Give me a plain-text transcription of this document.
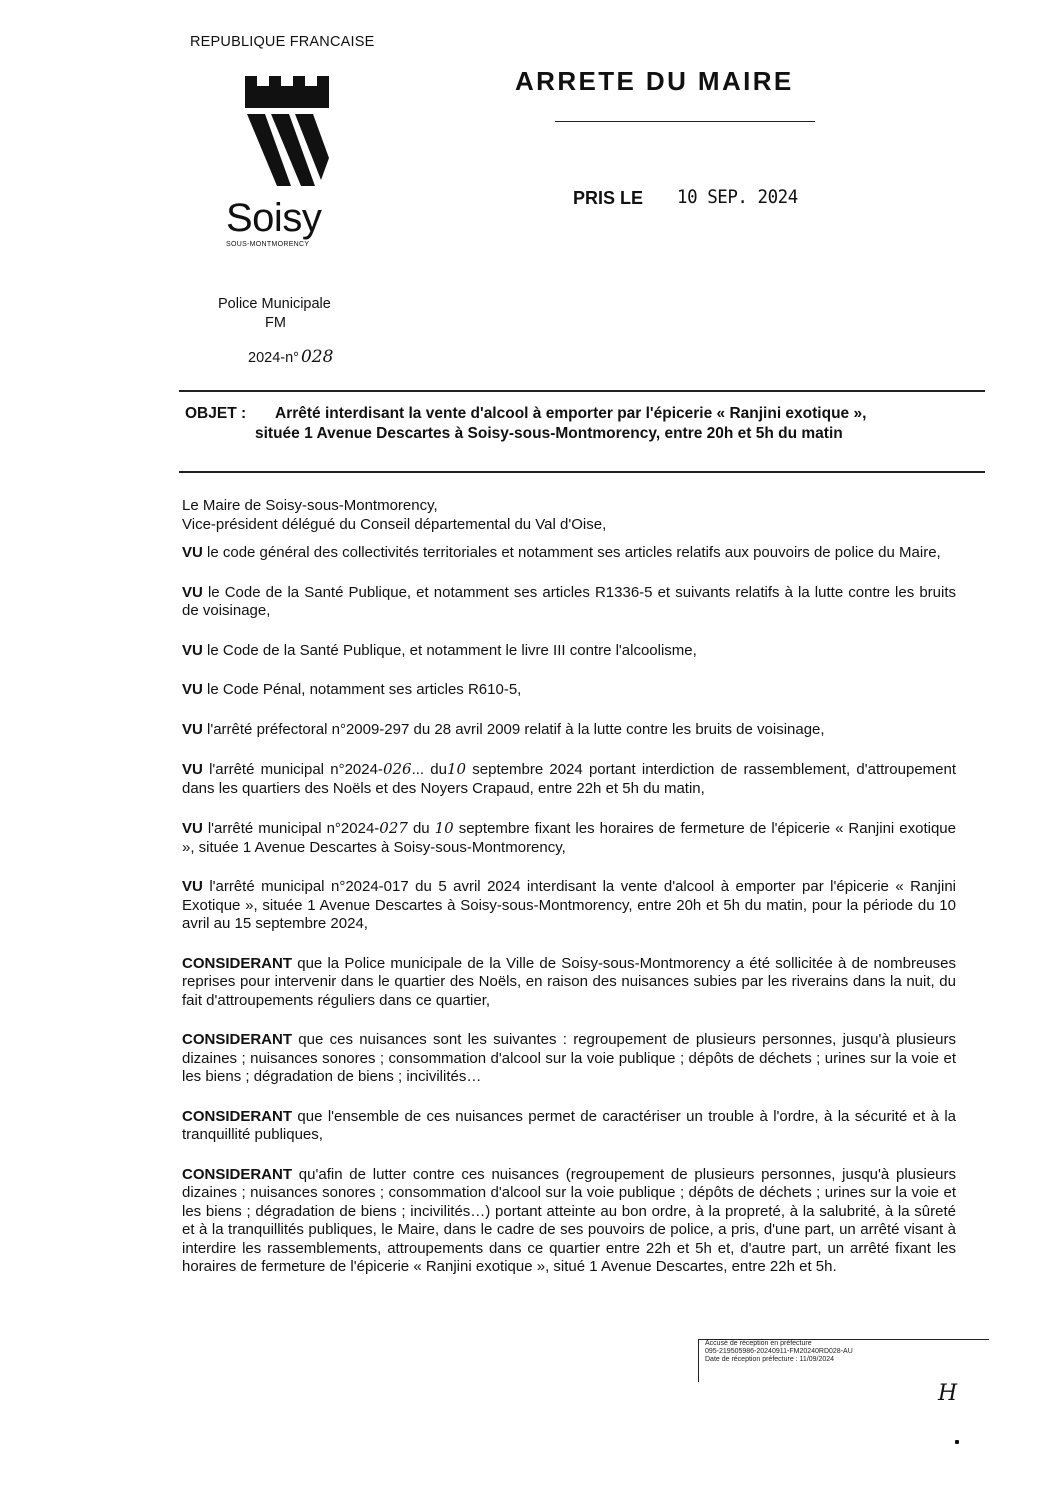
REPUBLIQUE FRANCAISE
Soisy
SOUS-MONTMORENCY
Police Municipale
FM
2024-n° 028
ARRETE DU MAIRE
PRIS LE 10 SEP. 2024
OBJET : Arrêté interdisant la vente d'alcool à emporter par l'épicerie « Ranjini exotique »,
située 1 Avenue Descartes à Soisy-sous-Montmorency, entre 20h et 5h du matin

Le Maire de Soisy-sous-Montmorency,
Vice-président délégué du Conseil départemental du Val d'Oise,

VU le code général des collectivités territoriales et notamment ses articles relatifs aux pouvoirs de police du Maire,

VU le Code de la Santé Publique, et notamment ses articles R1336-5 et suivants relatifs à la lutte contre les bruits de voisinage,

VU le Code de la Santé Publique, et notamment le livre III contre l'alcoolisme,

VU le Code Pénal, notamment ses articles R610-5,

VU l'arrêté préfectoral n°2009-297 du 28 avril 2009 relatif à la lutte contre les bruits de voisinage,

VU l'arrêté municipal n°2024-026... du10 septembre 2024 portant interdiction de rassemblement, d'attroupement dans les quartiers des Noëls et des Noyers Crapaud, entre 22h et 5h du matin,

VU l'arrêté municipal n°2024-027 du 10 septembre fixant les horaires de fermeture de l'épicerie « Ranjini exotique », située 1 Avenue Descartes à Soisy-sous-Montmorency,

VU l'arrêté municipal n°2024-017 du 5 avril 2024 interdisant la vente d'alcool à emporter par l'épicerie « Ranjini Exotique », située 1 Avenue Descartes à Soisy-sous-Montmorency, entre 20h et 5h du matin, pour la période du 10 avril au 15 septembre 2024,

CONSIDERANT que la Police municipale de la Ville de Soisy-sous-Montmorency a été sollicitée à de nombreuses reprises pour intervenir dans le quartier des Noëls, en raison des nuisances subies par les riverains dans la nuit, du fait d'attroupements réguliers dans ce quartier,

CONSIDERANT que ces nuisances sont les suivantes : regroupement de plusieurs personnes, jusqu'à plusieurs dizaines ; nuisances sonores ; consommation d'alcool sur la voie publique ; dépôts de déchets ; urines sur la voie et les biens ; dégradation de biens ; incivilités…

CONSIDERANT que l'ensemble de ces nuisances permet de caractériser un trouble à l'ordre, à la sécurité et à la tranquillité publiques,

CONSIDERANT qu'afin de lutter contre ces nuisances (regroupement de plusieurs personnes, jusqu'à plusieurs dizaines ; nuisances sonores ; consommation d'alcool sur la voie publique ; dépôts de déchets ; urines sur la voie et les biens ; dégradation de biens ; incivilités…) portant atteinte au bon ordre, à la propreté, à la salubrité, à la sûreté et à la tranquillités publiques, le Maire, dans le cadre de ses pouvoirs de police, a pris, d'une part, un arrêté visant à interdire les rassemblements, attroupements dans ce quartier entre 22h et 5h et, d'autre part, un arrêté fixant les horaires de fermeture de l'épicerie « Ranjini exotique », situé 1 Avenue Descartes, entre 22h et 5h.

Accusé de réception en préfecture
095-219505986-20240911-FM20240RD028-AU
Date de réception préfecture : 11/09/2024
H
